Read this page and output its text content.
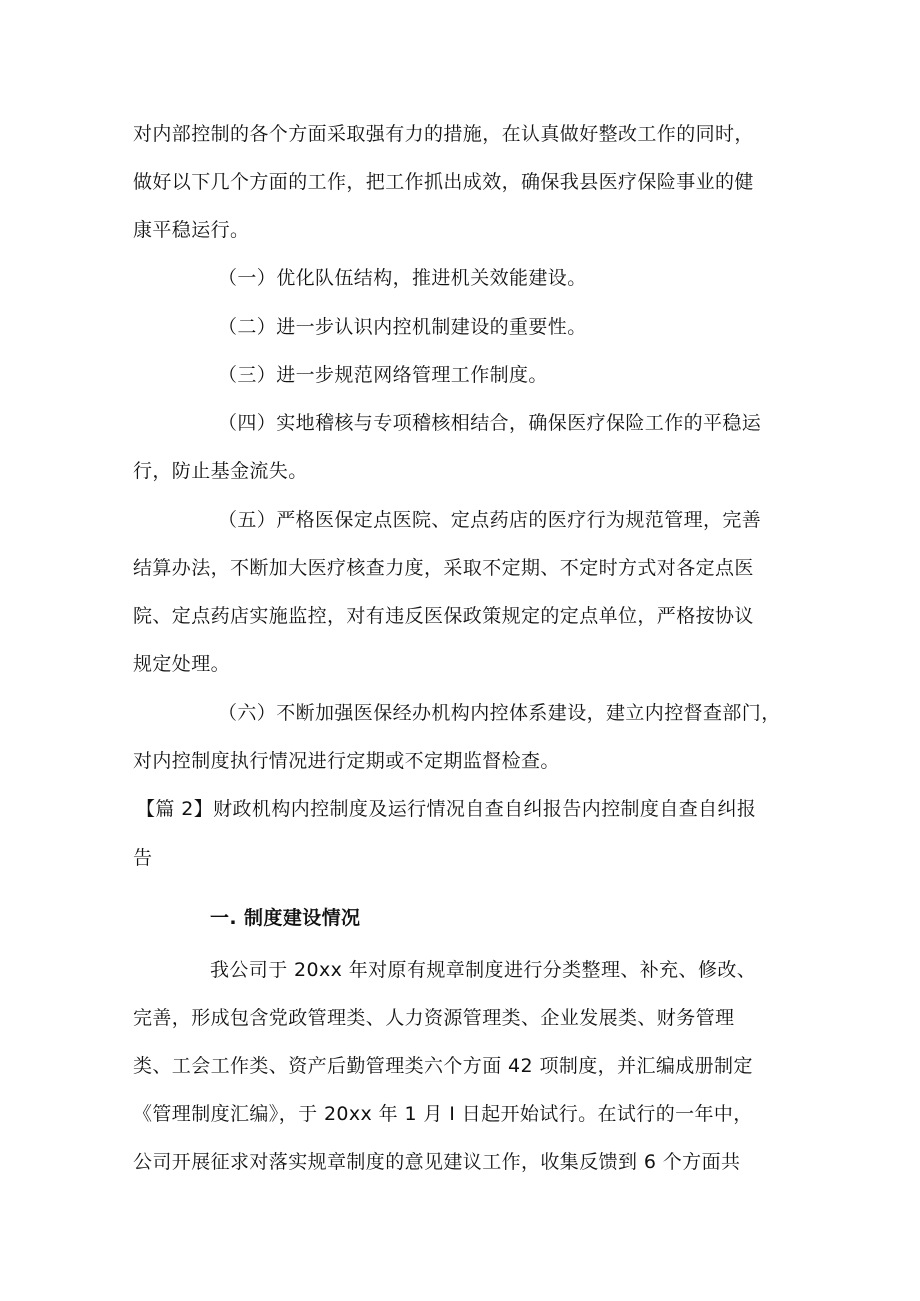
对内部控制的各个方面采取强有力的措施，在认真做好整改工作的同时，

做好以下几个方面的工作，把工作抓出成效，确保我县医疗保险事业的健

康平稳运行。

（一）优化队伍结构，推进机关效能建设。

（二）进一步认识内控机制建设的重要性。

（三）进一步规范网络管理工作制度。

（四）实地稽核与专项稽核相结合，确保医疗保险工作的平稳运

行，防止基金流失。

（五）严格医保定点医院、定点药店的医疗行为规范管理，完善

结算办法，不断加大医疗核查力度，采取不定期、不定时方式对各定点医

院、定点药店实施监控，对有违反医保政策规定的定点单位，严格按协议

规定处理。

（六）不断加强医保经办机构内控体系建设，建立内控督查部门，

对内控制度执行情况进行定期或不定期监督检查。

【篇 2】财政机构内控制度及运行情况自查自纠报告内控制度自查自纠报

告

一. 制度建设情况

我公司于 20xx 年对原有规章制度进行分类整理、补充、修改、

完善，形成包含党政管理类、人力资源管理类、企业发展类、财务管理

类、工会工作类、资产后勤管理类六个方面 42 项制度，并汇编成册制定

《管理制度汇编》，于 20xx 年 1 月 I 日起开始试行。在试行的一年中，

公司开展征求对落实规章制度的意见建议工作，收集反馈到 6 个方面共
